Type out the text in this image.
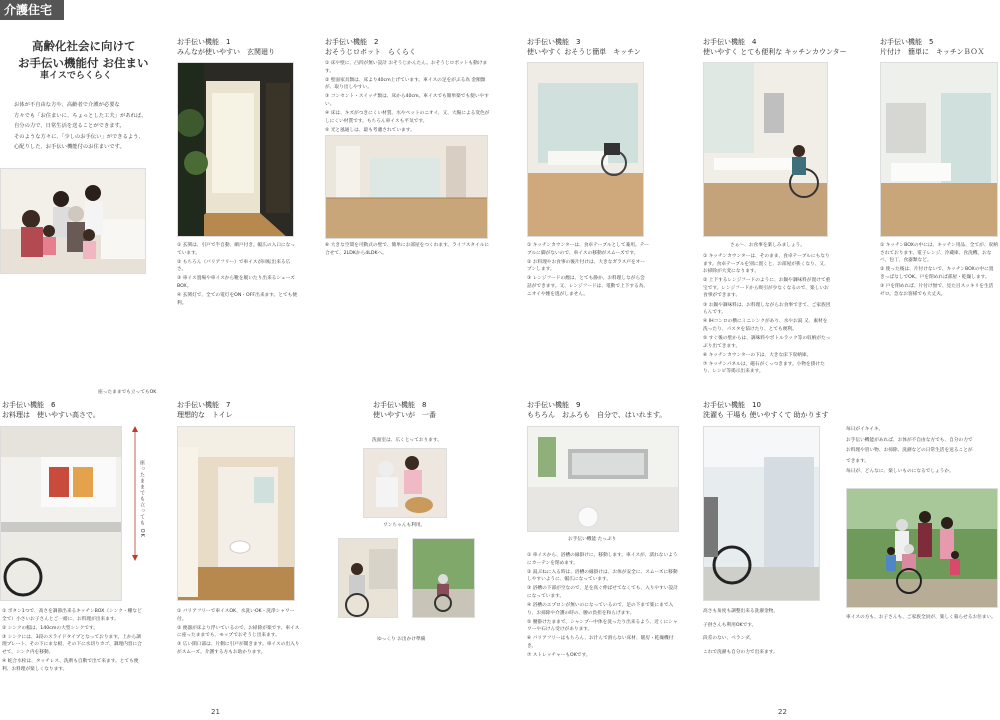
介護住宅
高齢化社会に向けて
お手伝い機能付 お住まい
車イスでらくらく
お体が不自由な方や、高齢者で介護が必要な
方々でも「お住まいに、ちょっとした工夫」があれば、
自分の力で、日常生活を送ることができます。
そのような方々に、「少しのお手伝い」ができるよう、
心配りした、お手伝い機能付のお住まいです。
お手伝い機能　1
みんなが使いやすい　玄関廻り
① 玄関は、引戸で半自動、網戸付き。幅広の入口になっています。
② もちろん（バリアフリー）で車イスが回転出来る広さ。
③ 車イス置場や車イスから靴を履いたり出来るシューズBOX。
④ 玄関灯で、全ての電灯をON・OFF出来ます。とても便利。
お手伝い機能　2
おそうじロボット　らくらく
① 床や壁に、凸凹が無い設計 おそうじかんたん。おそうじロボットも動けます。
② 壁面家具類は、床より40cm上げています。車イスの足をがぶる為 金額類が、取り出しやすい。
③ コンセント・スイッチ類は、床から40cm。車イスでも簡単楽でも使いやすい。
④ 床は、キズがつきにくい材質。水やペットのニオイ、又、大腸による変色がしにくい材質です。もちろん車イスも平気です。
⑤ 光と風通しは、最も考慮されています。
⑥ 大きな空間を可動式の壁で、簡単にお部屋をつくれます。ライフスタイルに合せて、2LDKから4LDKへ。
お手伝い機能　3
使いやすく おそうじ簡単　キッチン
① キッチンカウンターは、食卓テーブルとして兼用。テーブルに脚がないので、車イスの移動がスムーズです。
② お料理やお食事の後片付けは、大きなガラス戸をオープンします。
③ レンジフードの煙は、とても静か。お料理しながら会話ができます。又、レンジフードは、電動で上下する為、ニオイや煙を逃がしません。
お手伝い機能　4
使いやすく とても便利な キッチンカウンター
さぁ〜、お食事を楽しみましょう。
① キッチンカウンターは、そのまま、食卓テーブルにもなります。食卓テーブルを別に置くと、お部屋が狭くなり、又、お掃除が大変になります。
② 上下するレンジフードのように、お鍋や調味料が置けて重宝です。レンジフードから吸引が少なくなるので、楽しいお食事ができます。
③ お鍋や調味料は、お料理しながらお食事できて、ご家族団らんです。
④ IHコンロの横にミニシンクがあり、水やお湯 又、素材を洗ったり、パスタを茹けたり、とても便利。
⑤ すぐ後の壁からは、調味料やボトルラック等の収納がたっぷり出てきます。
⑥ キッチンカウンターの下は、大きな床下収納庫。
⑦ キッチンパネルは、磁石がくっつきます。小物を掛けたり、レシピ等掲示出来ます。
お手伝い機能　5
片付け　簡単に　キッチンＢＯＸ
① キッチンBOXの中には、キッチン用品、全てが、収納されております。電子レンジ、冷蔵庫、食洗機、おなべ、包丁、食器類など。
② 使った後は、片付けないで、キッチンBOXの中に置きっぱなしでOK。戸を閉めれば部屋・乾燥します。
③ 戸を閉めれば、片付け無で、見た目スッキリを生活ゼロ。急なお客様でも大丈夫。
座ったままでも立ってもOK
お手伝い機能　6
お料理は　使いやすい高さで。
座ったままでも立っても OK
① ボタン1つで、高さを調節出来るキッチンBOX（シンク・棚など全て）小さいお子さんとご一緒に、お料理が出来ます。
② シンクの幅は、140cmの大型シンクです。
③ シンクには、3段のスライドタイプとなっております。上から調理プレート、その下にまな板、その下に水切りカゴ、調理内容に合せて、シンク内を移動。
④ 蛇合水栓は、タッチレス、洗剤も自動で出て来ます。とても便利、お料理が楽しくなります。
お手伝い機能　7
理想的な　トイレ
① バリアフリーで車イスOK、水洗いOK・洗浄シャワー付。
② 便器が床より浮いているので、お掃除が楽です。車イスに座ったままでも、モップでおそうじ出来ます。
③ 広い開口部は、片側に引戸が開きます。車イスの出入りがスムーズ。介護する方もお助かります。
お手伝い機能　8
使いやすいが　一番
洗面室は、広くとっております。
ワンちゃんも利用。
ゆっくり お出かけ準備
お手伝い機能　9
もちろん　おふろも　自分で、はいれます。
お手伝い機能 たっぷり
① 車イスから、浴槽の縁掛けに、移動します。車イスが、濡れないようにカーテンを閉めます。
② 湯ぶねに入る時は、浴槽の縁掛けは、お体が安全に、スムーズに移動しやすいように、幅広になっています。
③ 浴槽の下部が空なので、足を真ぐ伸ばせてなくても、入りやすい設計になっています。
④ 浴槽のエプロンが無いのになっているので、足の下まで楽にまで入り、お掃除や介護の時の、腰の負担を和らげます。
⑤ 腰掛けたままで、シャンプー中体を洗ったり出来るよう、近くにシャワーや石けん受けがあります。
⑥ バリアフリーはもちろん、お汁んで滑らない床材、暖房・乾燥機付き。
⑦ ストレッチャーもOKです。
お手伝い機能　10
洗濯も 干場も 使いやすくて 助かります
高さも角度も調整出来る洗濯金物。
子供さんも利用OKです。
段差のない、ベランダ。
これで洗濯も自分の力で出来ます。
毎日がイキイキ。
お手伝い機能があれば、お体が不自由な方でも、自分の力で
お料理や買い物、お掃除、洗濯などの日常生活を送ることが
できます。
毎日が、どんなに、楽しいものになるでしょうか。
車イスの方も、お子さんも、ご家族全員が、楽しく暮らせるお住まい。
21	22
